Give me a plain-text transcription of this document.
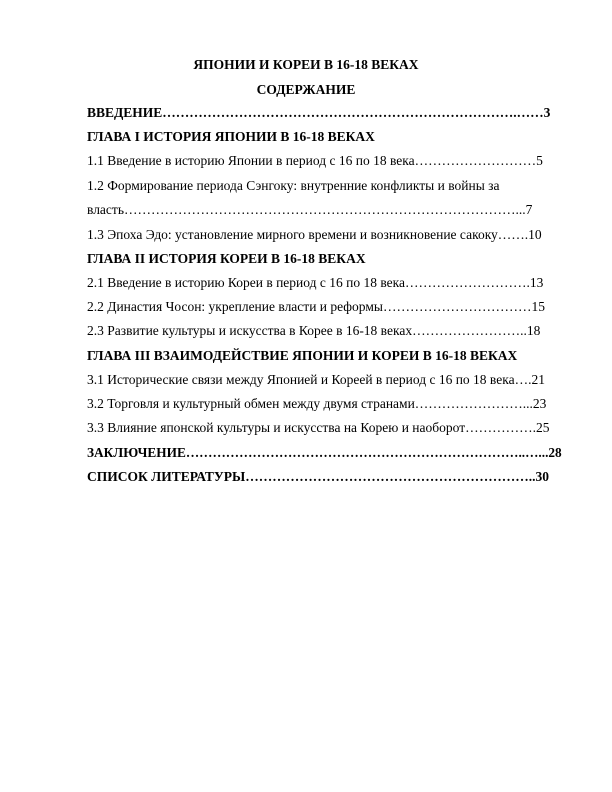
ЯПОНИИ И КОРЕИ В 16-18 ВЕКАХ
СОДЕРЖАНИЕ
ВВЕДЕНИЕ…………………………………………………………………….……3
ГЛАВА I ИСТОРИЯ ЯПОНИИ В 16-18 ВЕКАХ
1.1 Введение в историю Японии в период с 16 по 18 века………………………5
1.2 Формирование периода Сэнгоку: внутренние конфликты и войны за
власть……………………………………………………………………………...7
1.3 Эпоха Эдо: установление мирного времени и возникновение сакоку…….10
ГЛАВА II ИСТОРИЯ КОРЕИ В 16-18 ВЕКАХ
2.1 Введение в историю Кореи в период с 16 по 18 века……………………….13
2.2 Династия Чосон: укрепление власти и реформы……………………………15
2.3 Развитие культуры и искусства в Корее в 16-18 веках……………………..18
ГЛАВА III ВЗАИМОДЕЙСТВИЕ ЯПОНИИ И КОРЕИ В 16-18 ВЕКАХ
3.1 Исторические связи между Японией и Кореей в период с 16 по 18 века….21
3.2 Торговля и культурный обмен между двумя странами……………………...23
3.3 Влияние японской культуры и искусства на Корею и наоборот…………….25
ЗАКЛЮЧЕНИЕ…………………………………………………………………..…...28
СПИСОК ЛИТЕРАТУРЫ………………………………………………………..30
